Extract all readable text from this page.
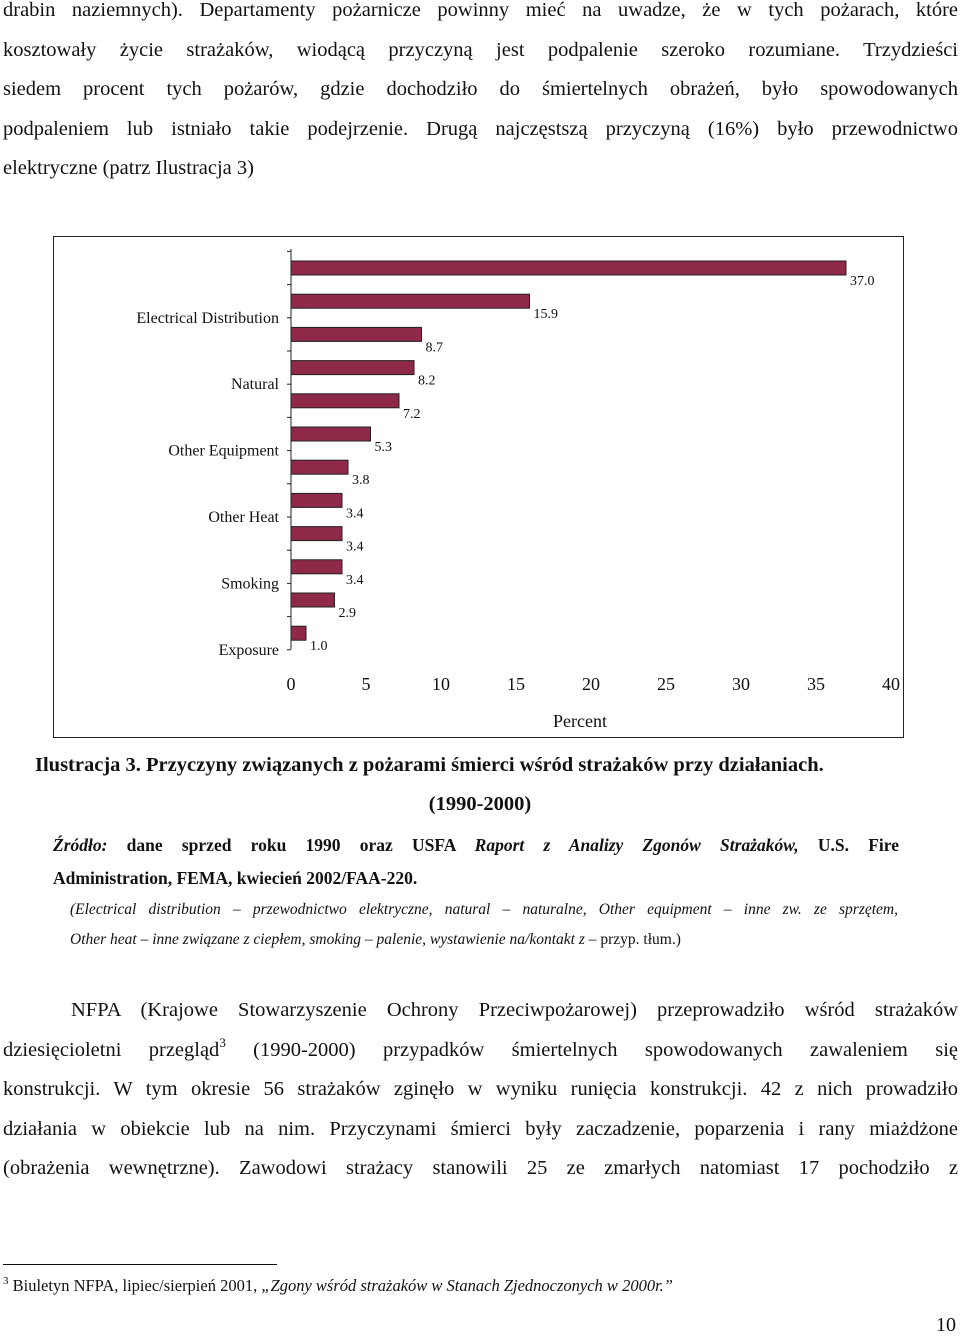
drabin naziemnych). Departamenty pożarnicze powinny mieć na uwadze, że w tych pożarach, które
kosztowały życie strażaków, wiodącą przyczyną jest podpalenie szeroko rozumiane. Trzydzieści
siedem procent tych pożarów, gdzie dochodziło do śmiertelnych obrażeń, było spowodowanych
podpaleniem lub istniało takie podejrzenie. Drugą najczęstszą przyczyną (16%) było przewodnictwo
elektryczne (patrz Ilustracja 3)
37.0
15.9
8.7
8.2
7.2
5.3
3.8
3.4
3.4
3.4
2.9
1.0
Electrical Distribution
Natural
Other Equipment
Other Heat
Smoking
Exposure
0	5	10	15	20	25	30	35	40
Percent
Ilustracja 3. Przyczyny związanych z pożarami śmierci wśród strażaków przy działaniach.
(1990-2000)
Źródło: dane sprzed roku 1990 oraz USFA Raport z Analizy Zgonów Strażaków, U.S. Fire
Administration, FEMA, kwiecień 2002/FAA-220.
(Electrical distribution – przewodnictwo elektryczne, natural – naturalne, Other equipment – inne zw. ze sprzętem,
Other heat – inne związane z ciepłem, smoking – palenie, wystawienie na/kontakt z – przyp. tłum.)
NFPA (Krajowe Stowarzyszenie Ochrony Przeciwpożarowej) przeprowadziło wśród strażaków
dziesięcioletni przegląd$^3$ (1990-2000) przypadków śmiertelnych spowodowanych zawaleniem się
konstrukcji. W tym okresie 56 strażaków zginęło w wyniku runięcia konstrukcji. 42 z nich prowadziło
działania w obiekcie lub na nim. Przyczynami śmierci były zaczadzenie, poparzenia i rany miażdżone
(obrażenia wewnętrzne). Zawodowi strażacy stanowili 25 ze zmarłych natomiast 17 pochodziło z
$^3$ Biuletyn NFPA, lipiec/sierpień 2001, „Zgony wśród strażaków w Stanach Zjednoczonych w 2000r.”
10
